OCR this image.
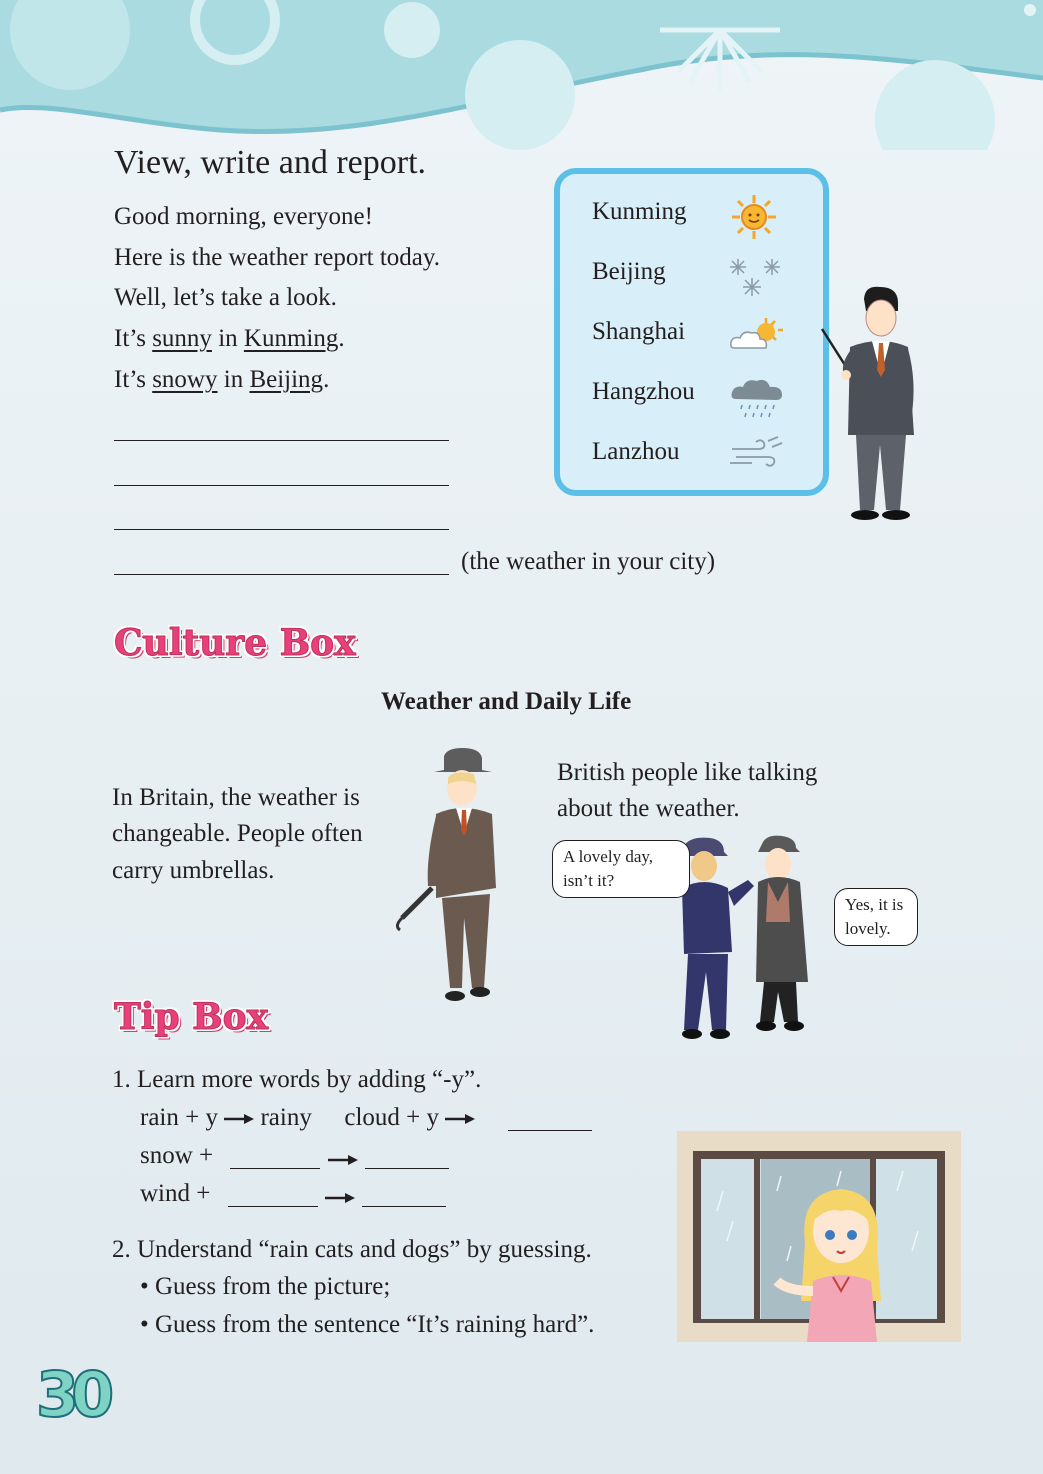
View, write and report.
Good morning, everyone!
Here is the weather report today.
Well, let’s take a look.
It’s sunny in Kunming.
It’s snowy in Beijing.
(the weather in your city)
Kunming
Beijing
Shanghai
Hangzhou
Lanzhou
Culture Box
Weather and Daily Life
In Britain, the weather is
changeable. People often
carry umbrellas.
British people like talking
about the weather.
A lovely day,
isn’t it?
Yes, it is
lovely.
Tip Box
1. Learn more words by adding “-y”.
rain + y rainy cloud + y
snow +
wind +
2. Understand “rain cats and dogs” by guessing.
• Guess from the picture;
• Guess from the sentence “It’s raining hard”.
30
